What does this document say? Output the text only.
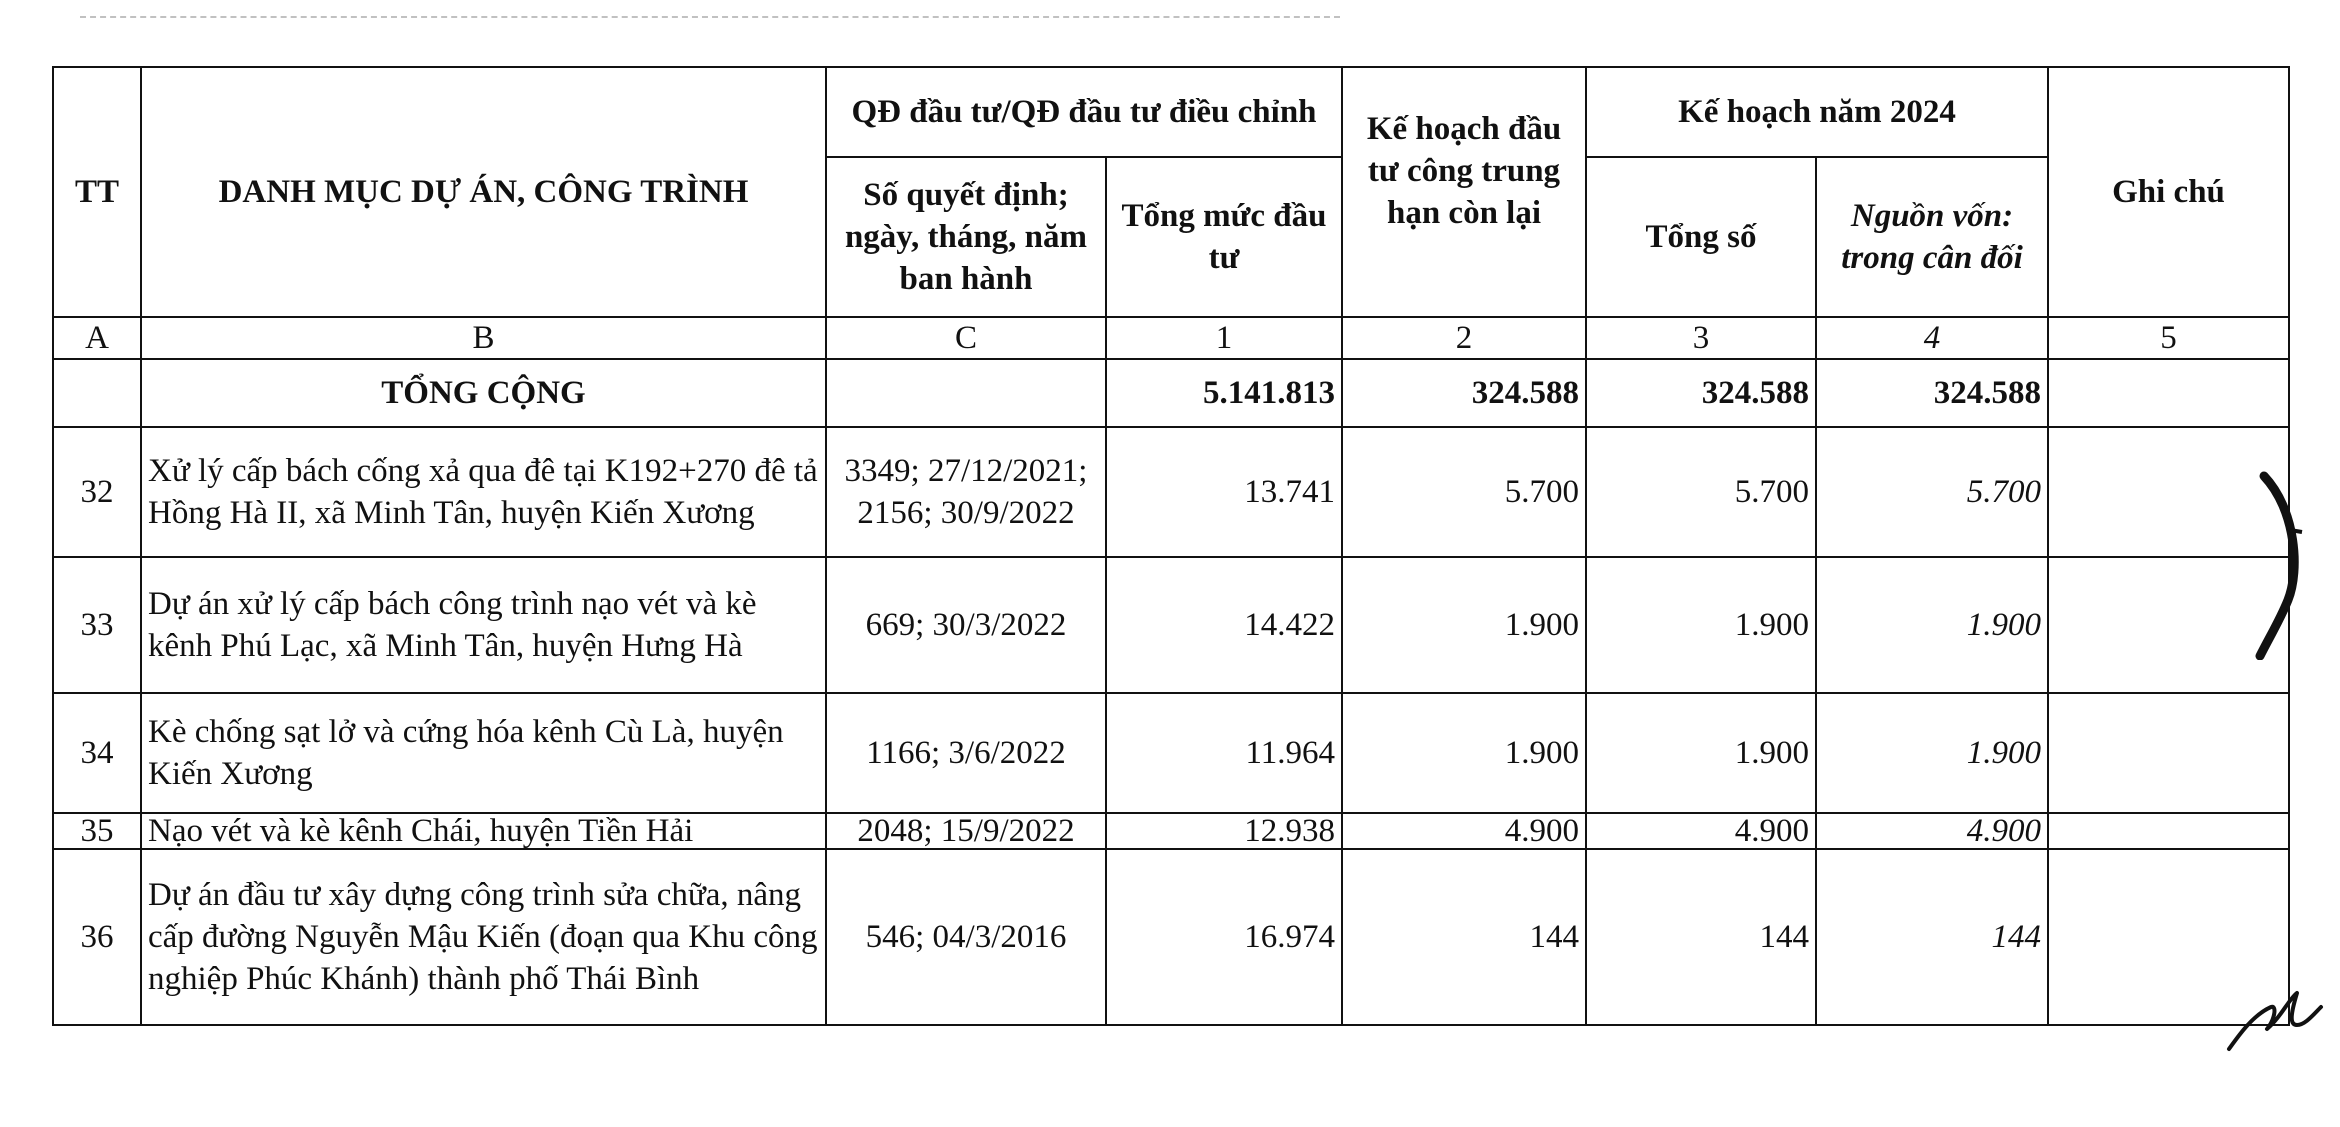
TT	DANH MỤC DỰ ÁN, CÔNG TRÌNH	QĐ đầu tư/QĐ đầu tư điều chỉnh		Kế hoạch đầu tư công trung hạn còn lại	Kế hoạch năm 2024		Ghi chú
		Số quyết định; ngày, tháng, năm ban hành	Tổng mức đầu tư		Tổng số	Nguồn vốn: trong cân đối	
A	B	C	1	2	3	4	5
	TỔNG CỘNG		5.141.813	324.588	324.588	324.588	
32	Xử lý cấp bách cống xả qua đê tại K192+270 đê tả Hồng Hà II, xã Minh Tân, huyện Kiến Xương	3349; 27/12/2021; 2156; 30/9/2022	13.741	5.700	5.700	5.700	
33	Dự án xử lý cấp bách công trình nạo vét và kè kênh Phú Lạc, xã Minh Tân, huyện Hưng Hà	669; 30/3/2022	14.422	1.900	1.900	1.900	
34	Kè chống sạt lở và cứng hóa kênh Cù Là, huyện Kiến Xương	1166; 3/6/2022	11.964	1.900	1.900	1.900	
35	Nạo vét và kè kênh Chái, huyện Tiền Hải	2048; 15/9/2022	12.938	4.900	4.900	4.900	
36	Dự án đầu tư xây dựng công trình sửa chữa, nâng cấp đường Nguyễn Mậu Kiến (đoạn qua Khu công nghiệp Phúc Khánh) thành phố Thái Bình	546; 04/3/2016	16.974	144	144	144	
